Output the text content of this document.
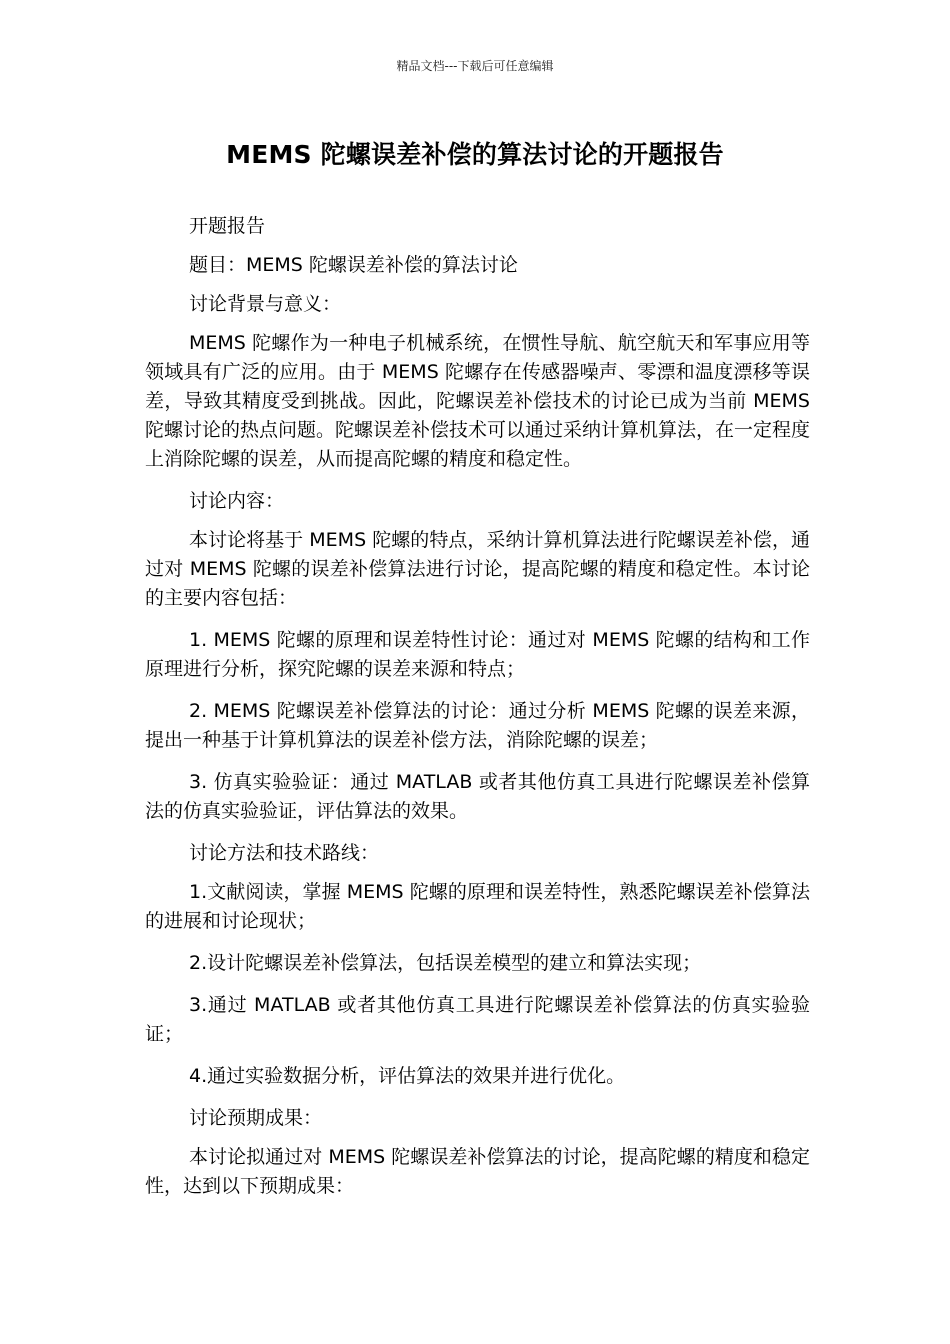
精品文档---下载后可任意编辑
MEMS 陀螺误差补偿的算法讨论的开题报告

开题报告

题目：MEMS 陀螺误差补偿的算法讨论

讨论背景与意义：

MEMS 陀螺作为一种电子机械系统，在惯性导航、航空航天和军事应用等领域具有广泛的应用。由于 MEMS 陀螺存在传感器噪声、零漂和温度漂移等误差，导致其精度受到挑战。因此，陀螺误差补偿技术的讨论已成为当前 MEMS 陀螺讨论的热点问题。陀螺误差补偿技术可以通过采纳计算机算法，在一定程度上消除陀螺的误差，从而提高陀螺的精度和稳定性。

讨论内容：

本讨论将基于 MEMS 陀螺的特点，采纳计算机算法进行陀螺误差补偿，通过对 MEMS 陀螺的误差补偿算法进行讨论，提高陀螺的精度和稳定性。本讨论的主要内容包括：

1. MEMS 陀螺的原理和误差特性讨论：通过对 MEMS 陀螺的结构和工作原理进行分析，探究陀螺的误差来源和特点；

2. MEMS 陀螺误差补偿算法的讨论：通过分析 MEMS 陀螺的误差来源，提出一种基于计算机算法的误差补偿方法，消除陀螺的误差；

3. 仿真实验验证：通过 MATLAB 或者其他仿真工具进行陀螺误差补偿算法的仿真实验验证，评估算法的效果。

讨论方法和技术路线：

1.文献阅读，掌握 MEMS 陀螺的原理和误差特性，熟悉陀螺误差补偿算法的进展和讨论现状；

2.设计陀螺误差补偿算法，包括误差模型的建立和算法实现；

3.通过 MATLAB 或者其他仿真工具进行陀螺误差补偿算法的仿真实验验证；

4.通过实验数据分析，评估算法的效果并进行优化。

讨论预期成果：

本讨论拟通过对 MEMS 陀螺误差补偿算法的讨论，提高陀螺的精度和稳定性，达到以下预期成果：
